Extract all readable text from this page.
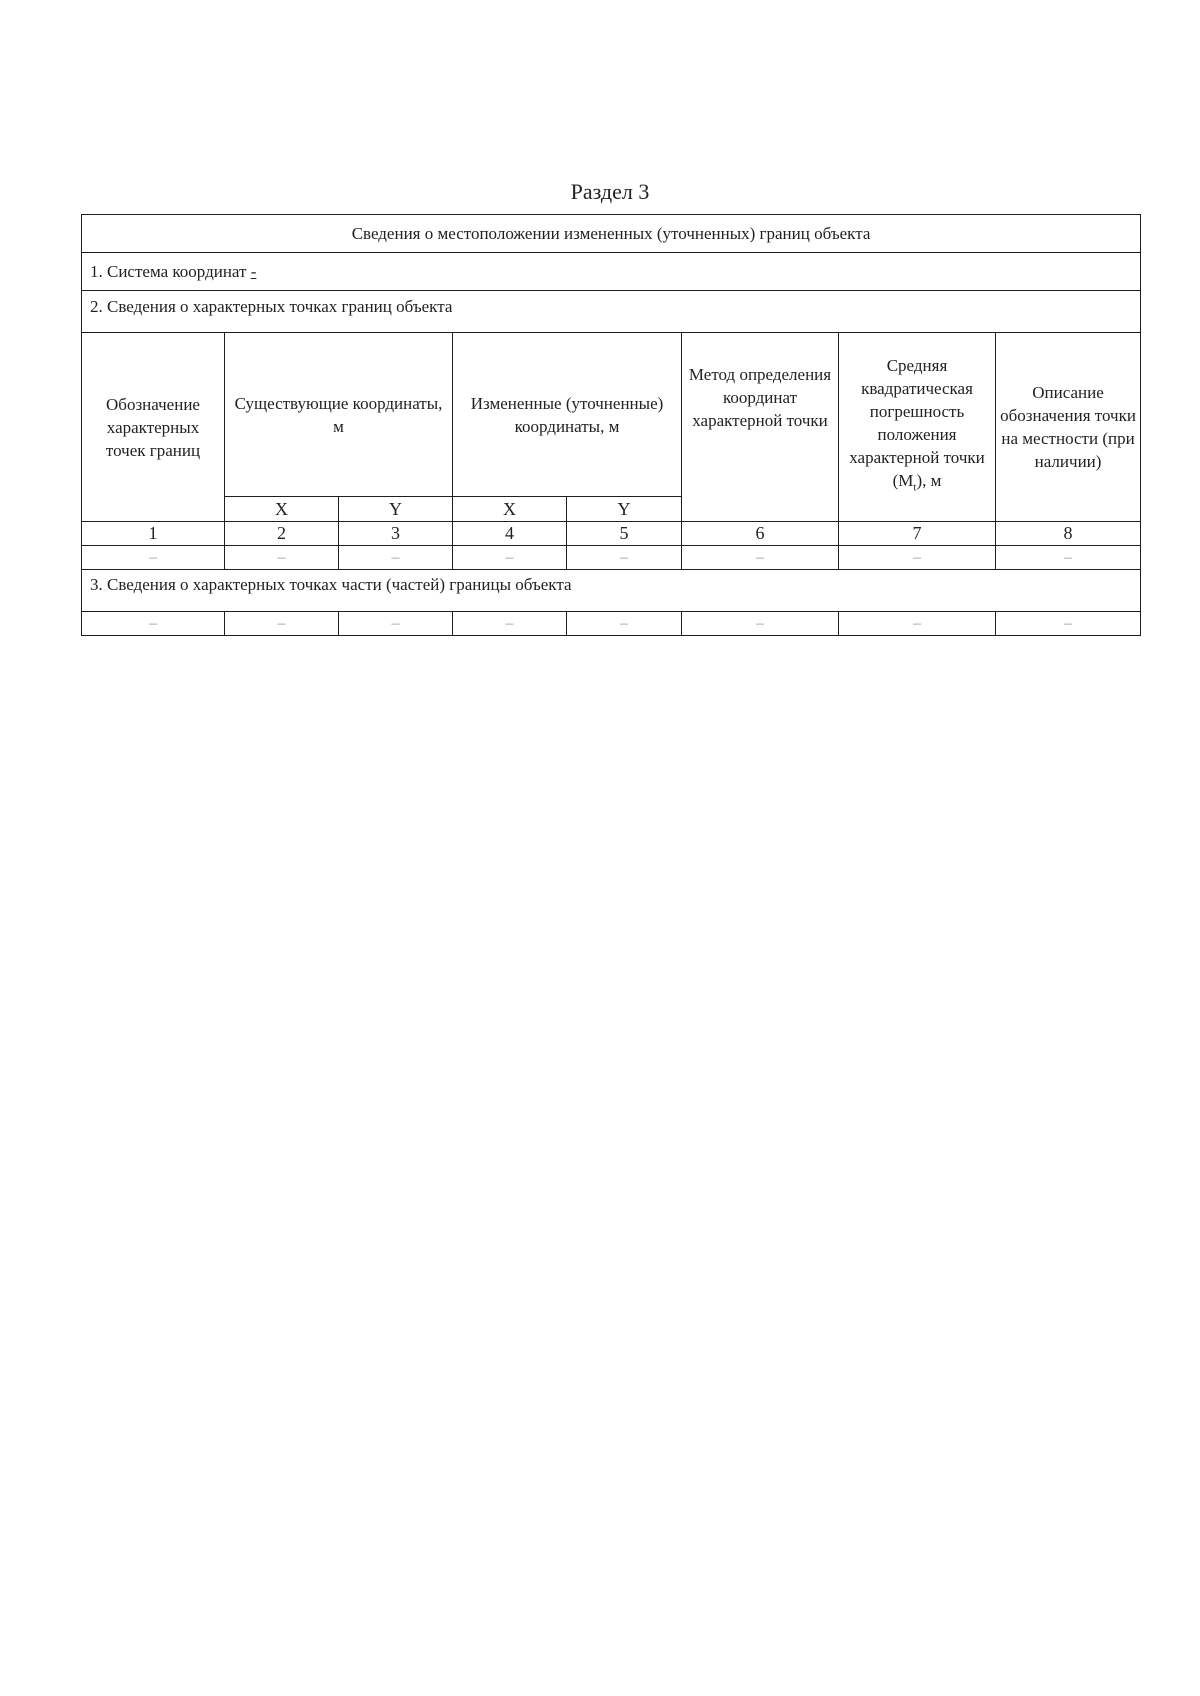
Раздел 3
Сведения о местоположении измененных (уточненных) границ объекта							
1. Система координат -							
2. Сведения о характерных точках границ объекта							
Обозначение характерных точек границ	Существующие координаты, м		Измененные (уточненные) координаты, м		Метод определения координат характерной точки	Средняя квадратическая погрешность положения характерной точки $(M_t)$, м	Описание обозначения точки на местности (при наличии)
	X	Y	X	Y			
1	2	3	4	5	6	7	8
–	–	–	–	–	–	–	–
3. Сведения о характерных точках части (частей) границы объекта							
–	–	–	–	–	–	–	–
